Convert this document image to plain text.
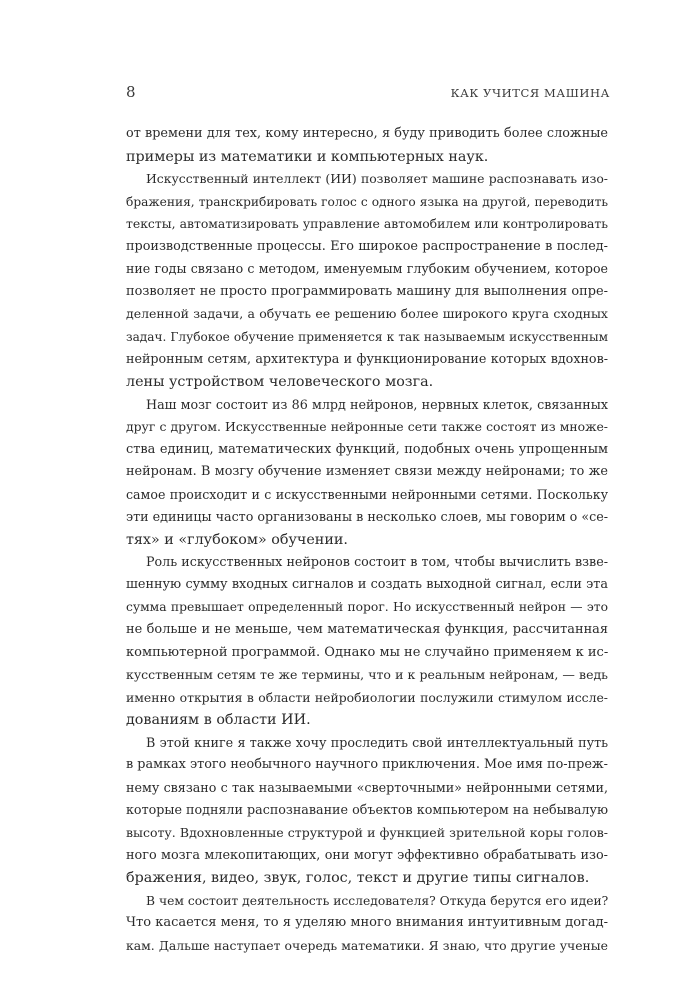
8	КАК УЧИТСЯ МАШИНА
от времени для тех, кому интересно, я буду приводить более сложные
примеры из математики и компьютерных наук.
Искусственный интеллект (ИИ) позволяет машине распознавать изо-
бражения, транскрибировать голос с одного языка на другой, переводить
тексты, автоматизировать управление автомобилем или контролировать
производственные процессы. Его широкое распространение в послед-
ние годы связано с методом, именуемым глубоким обучением, которое
позволяет не просто программировать машину для выполнения опре-
деленной задачи, а обучать ее решению более широкого круга сходных
задач. Глубокое обучение применяется к так называемым искусственным
нейронным сетям, архитектура и функционирование которых вдохнов-
лены устройством человеческого мозга.
Наш мозг состоит из 86 млрд нейронов, нервных клеток, связанных
друг с другом. Искусственные нейронные сети также состоят из множе-
ства единиц, математических функций, подобных очень упрощенным
нейронам. В мозгу обучение изменяет связи между нейронами; то же
самое происходит и с искусственными нейронными сетями. Поскольку
эти единицы часто организованы в несколько слоев, мы говорим о «се-
тях» и «глубоком» обучении.
Роль искусственных нейронов состоит в том, чтобы вычислить взве-
шенную сумму входных сигналов и создать выходной сигнал, если эта
сумма превышает определенный порог. Но искусственный нейрон — это
не больше и не меньше, чем математическая функция, рассчитанная
компьютерной программой. Однако мы не случайно применяем к ис-
кусственным сетям те же термины, что и к реальным нейронам, — ведь
именно открытия в области нейробиологии послужили стимулом иссле-
дованиям в области ИИ.
В этой книге я также хочу проследить свой интеллектуальный путь
в рамках этого необычного научного приключения. Мое имя по-преж-
нему связано с так называемыми «сверточными» нейронными сетями,
которые подняли распознавание объектов компьютером на небывалую
высоту. Вдохновленные структурой и функцией зрительной коры голов-
ного мозга млекопитающих, они могут эффективно обрабатывать изо-
бражения, видео, звук, голос, текст и другие типы сигналов.
В чем состоит деятельность исследователя? Откуда берутся его идеи?
Что касается меня, то я уделяю много внимания интуитивным догад-
кам. Дальше наступает очередь математики. Я знаю, что другие ученые
